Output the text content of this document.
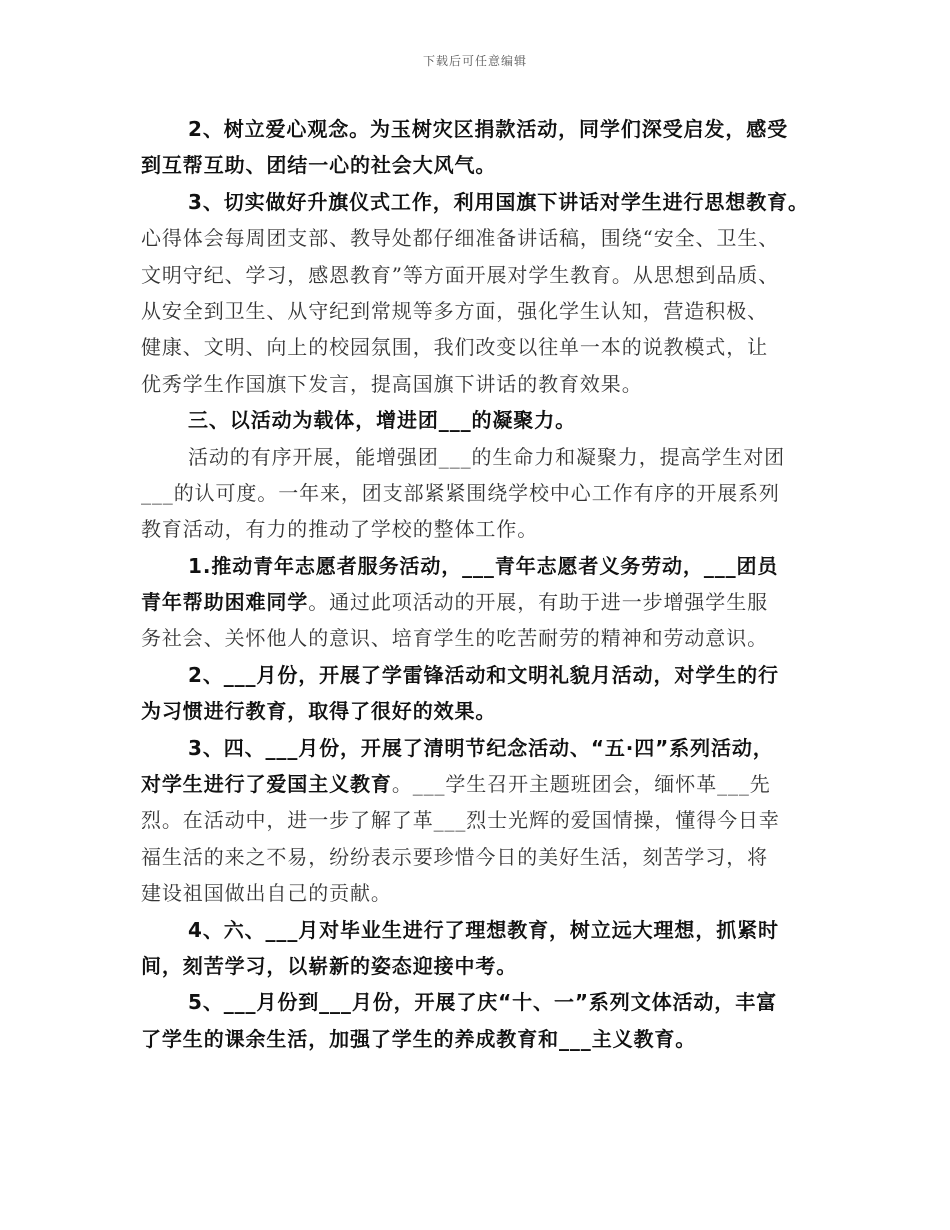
下载后可任意编辑
2、树立爱心观念。为玉树灾区捐款活动，同学们深受启发，感受
到互帮互助、团结一心的社会大风气。
3、切实做好升旗仪式工作，利用国旗下讲话对学生进行思想教育。
心得体会每周团支部、教导处都仔细准备讲话稿，围绕“安全、卫生、
文明守纪、学习，感恩教育”等方面开展对学生教育。从思想到品质、
从安全到卫生、从守纪到常规等多方面，强化学生认知，营造积极、
健康、文明、向上的校园氛围，我们改变以往单一本的说教模式，让
优秀学生作国旗下发言，提高国旗下讲话的教育效果。
三、以活动为载体，增进团___的凝聚力。
活动的有序开展，能增强团___的生命力和凝聚力，提高学生对团
___的认可度。一年来，团支部紧紧围绕学校中心工作有序的开展系列
教育活动，有力的推动了学校的整体工作。
1.推动青年志愿者服务活动，___青年志愿者义务劳动，___团员
青年帮助困难同学。通过此项活动的开展，有助于进一步增强学生服
务社会、关怀他人的意识、培育学生的吃苦耐劳的精神和劳动意识。
2、___月份，开展了学雷锋活动和文明礼貌月活动，对学生的行
为习惯进行教育，取得了很好的效果。
3、四、___月份，开展了清明节纪念活动、“五·四”系列活动，
对学生进行了爱国主义教育。___学生召开主题班团会，缅怀革___先
烈。在活动中，进一步了解了革___烈士光辉的爱国情操，懂得今日幸
福生活的来之不易，纷纷表示要珍惜今日的美好生活，刻苦学习，将
建设祖国做出自己的贡献。
4、六、___月对毕业生进行了理想教育，树立远大理想，抓紧时
间，刻苦学习，以崭新的姿态迎接中考。
5、___月份到___月份，开展了庆“十、一”系列文体活动，丰富
了学生的课余生活，加强了学生的养成教育和___主义教育。
